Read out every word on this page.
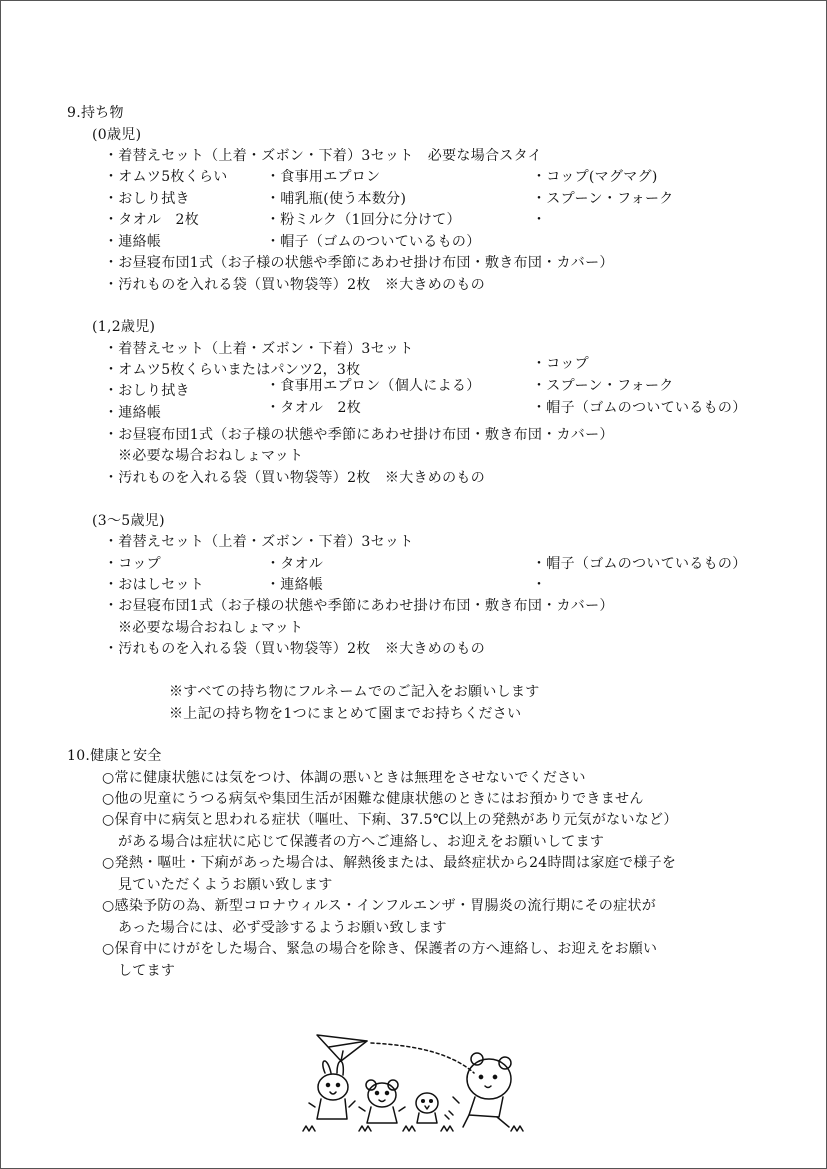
9.持ち物
(0歳児)
・着替えセット（上着・ズボン・下着）3セット　必要な場合スタイ
・オムツ5枚くらい	・食事用エプロン	・コップ(マグマグ)
・おしり拭き	・哺乳瓶(使う本数分)	・スプーン・フォーク
・タオル　2枚	・粉ミルク（1回分に分けて）	・
・連絡帳	・帽子（ゴムのついているもの）
・お昼寝布団1式（お子様の状態や季節にあわせ掛け布団・敷き布団・カバー）
・汚れものを入れる袋（買い物袋等）2枚　※大きめのもの
(1,2歳児)
・着替えセット（上着・ズボン・下着）3セット
・オムツ5枚くらいまたはパンツ2，3枚	・コップ
・おしり拭き	・食事用エプロン（個人による）	・スプーン・フォーク
・連絡帳	・タオル　2枚	・帽子（ゴムのついているもの）
・お昼寝布団1式（お子様の状態や季節にあわせ掛け布団・敷き布団・カバー）
※必要な場合おねしょマット
・汚れものを入れる袋（買い物袋等）2枚　※大きめのもの
(3～5歳児)
・着替えセット（上着・ズボン・下着）3セット
・コップ	・タオル	・帽子（ゴムのついているもの）
・おはしセット	・連絡帳	・
・お昼寝布団1式（お子様の状態や季節にあわせ掛け布団・敷き布団・カバー）
※必要な場合おねしょマット
・汚れものを入れる袋（買い物袋等）2枚　※大きめのもの
※すべての持ち物にフルネームでのご記入をお願いします
※上記の持ち物を1つにまとめて園までお持ちください
10.健康と安全
○常に健康状態には気をつけ、体調の悪いときは無理をさせないでください
○他の児童にうつる病気や集団生活が困難な健康状態のときにはお預かりできません
○保育中に病気と思われる症状（嘔吐、下痢、37.5℃以上の発熱があり元気がないなど）
がある場合は症状に応じて保護者の方へご連絡し、お迎えをお願いしてます
○発熱・嘔吐・下痢があった場合は、解熱後または、最終症状から24時間は家庭で様子を
見ていただくようお願い致します
○感染予防の為、新型コロナウィルス・インフルエンザ・胃腸炎の流行期にその症状が
あった場合には、必ず受診するようお願い致します
○保育中にけがをした場合、緊急の場合を除き、保護者の方へ連絡し、お迎えをお願い
してます
